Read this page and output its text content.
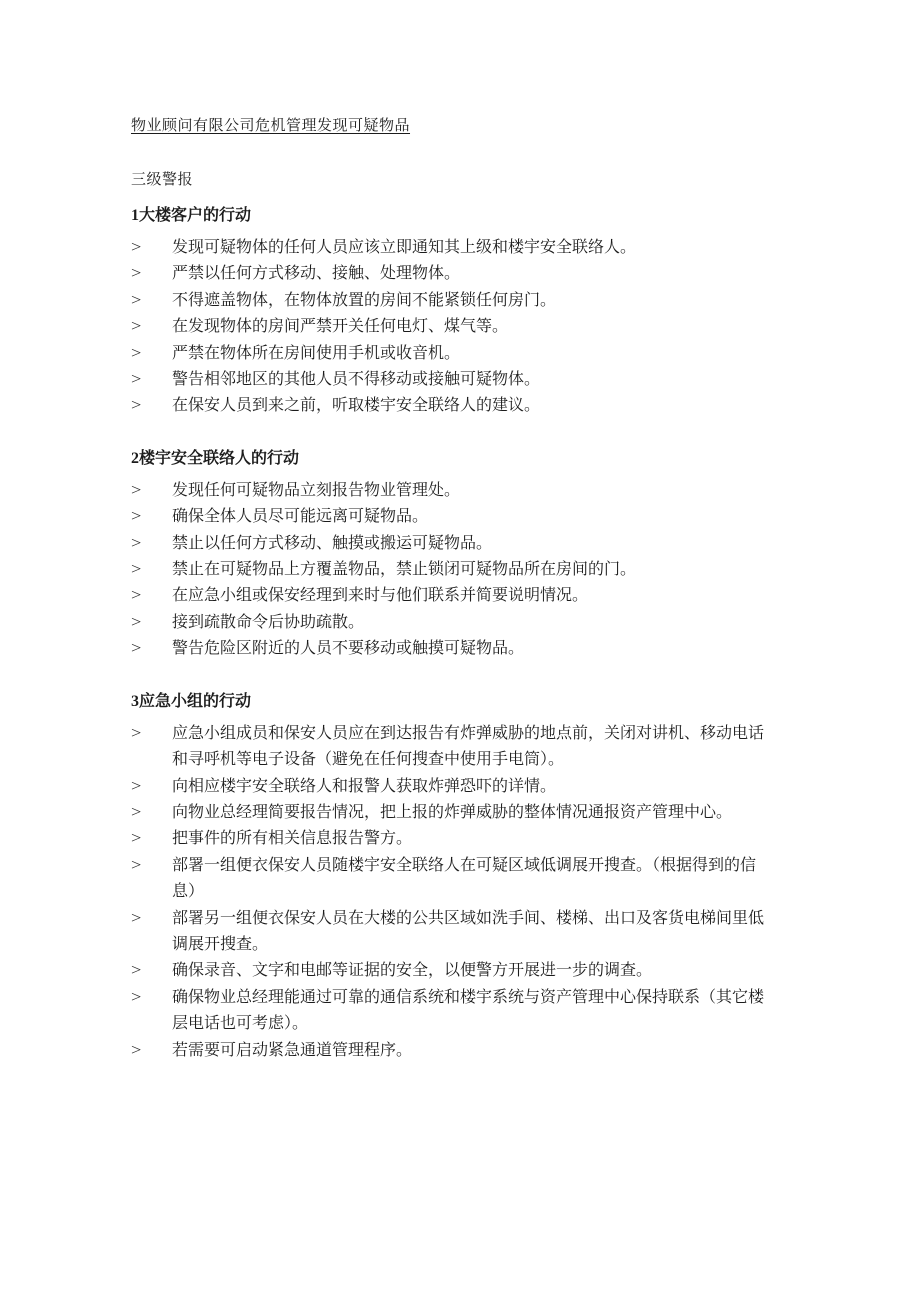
物业顾问有限公司危机管理发现可疑物品
三级警报
1大楼客户的行动
>	发现可疑物体的任何人员应该立即通知其上级和楼宇安全联络人。
>	严禁以任何方式移动、接触、处理物体。
>	不得遮盖物体，在物体放置的房间不能紧锁任何房门。
>	在发现物体的房间严禁开关任何电灯、煤气等。
>	严禁在物体所在房间使用手机或收音机。
>	警告相邻地区的其他人员不得移动或接触可疑物体。
>	在保安人员到来之前，听取楼宇安全联络人的建议。
2楼宇安全联络人的行动
>	发现任何可疑物品立刻报告物业管理处。
>	确保全体人员尽可能远离可疑物品。
>	禁止以任何方式移动、触摸或搬运可疑物品。
>	禁止在可疑物品上方覆盖物品，禁止锁闭可疑物品所在房间的门。
>	在应急小组或保安经理到来时与他们联系并简要说明情况。
>	接到疏散命令后协助疏散。
>	警告危险区附近的人员不要移动或触摸可疑物品。
3应急小组的行动
>	应急小组成员和保安人员应在到达报告有炸弹威胁的地点前，关闭对讲机、移动电话和寻呼机等电子设备（避免在任何搜查中使用手电筒）。
>	向相应楼宇安全联络人和报警人获取炸弹恐吓的详情。
>	向物业总经理简要报告情况，把上报的炸弹威胁的整体情况通报资产管理中心。
>	把事件的所有相关信息报告警方。
>	部署一组便衣保安人员随楼宇安全联络人在可疑区域低调展开搜查。（根据得到的信息）
>	部署另一组便衣保安人员在大楼的公共区域如洗手间、楼梯、出口及客货电梯间里低调展开搜查。
>	确保录音、文字和电邮等证据的安全，以便警方开展进一步的调查。
>	确保物业总经理能通过可靠的通信系统和楼宇系统与资产管理中心保持联系（其它楼层电话也可考虑）。
>	若需要可启动紧急通道管理程序。
